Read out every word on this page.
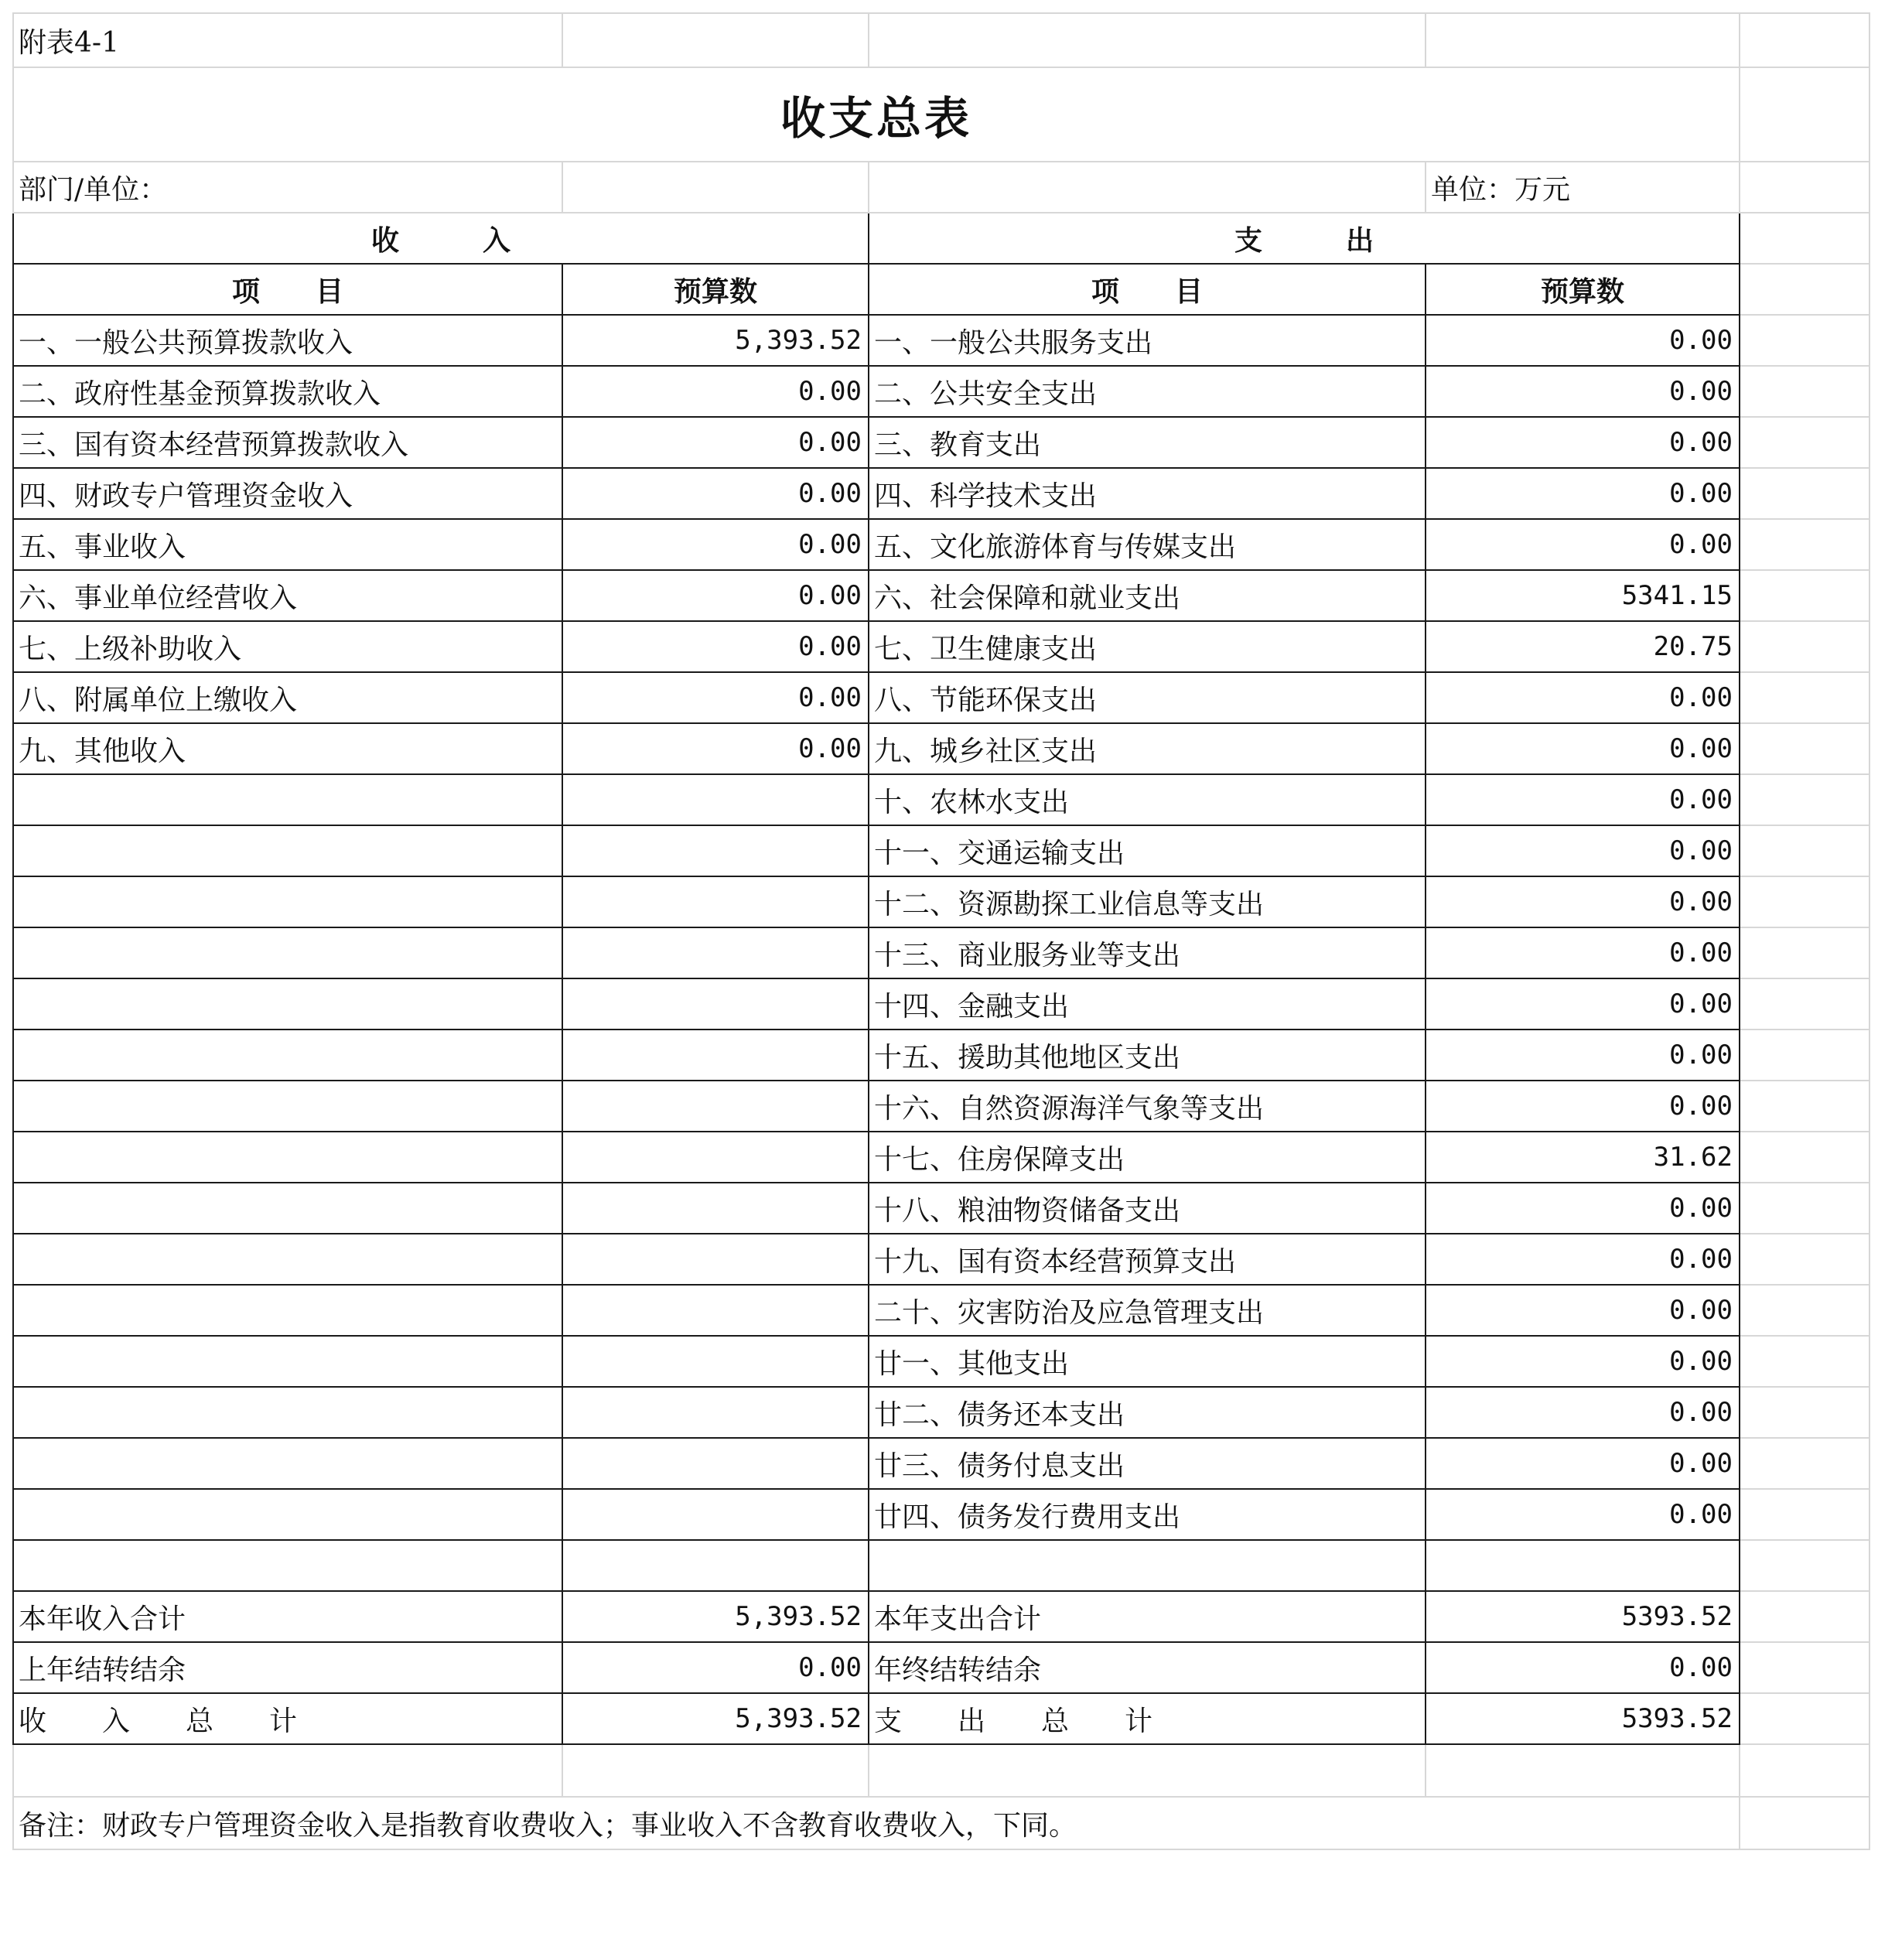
附表4-1				
收支总表				
部门/单位：			单位：万元	
收　　　入		支　　　出		
项　　目	预算数	项　　目	预算数	
一、一般公共预算拨款收入	5,393.52	一、一般公共服务支出	0.00	
二、政府性基金预算拨款收入	0.00	二、公共安全支出	0.00	
三、国有资本经营预算拨款收入	0.00	三、教育支出	0.00	
四、财政专户管理资金收入	0.00	四、科学技术支出	0.00	
五、事业收入	0.00	五、文化旅游体育与传媒支出	0.00	
六、事业单位经营收入	0.00	六、社会保障和就业支出	5341.15	
七、上级补助收入	0.00	七、卫生健康支出	20.75	
八、附属单位上缴收入	0.00	八、节能环保支出	0.00	
九、其他收入	0.00	九、城乡社区支出	0.00	
		十、农林水支出	0.00	
		十一、交通运输支出	0.00	
		十二、资源勘探工业信息等支出	0.00	
		十三、商业服务业等支出	0.00	
		十四、金融支出	0.00	
		十五、援助其他地区支出	0.00	
		十六、自然资源海洋气象等支出	0.00	
		十七、住房保障支出	31.62	
		十八、粮油物资储备支出	0.00	
		十九、国有资本经营预算支出	0.00	
		二十、灾害防治及应急管理支出	0.00	
		廿一、其他支出	0.00	
		廿二、债务还本支出	0.00	
		廿三、债务付息支出	0.00	
		廿四、债务发行费用支出	0.00	

本年收入合计	5,393.52	本年支出合计	5393.52	
上年结转结余	0.00	年终结转结余	0.00	
收　　入　　总　　计	5,393.52	支　　出　　总　　计	5393.52	

备注：财政专户管理资金收入是指教育收费收入；事业收入不含教育收费收入，下同。				
